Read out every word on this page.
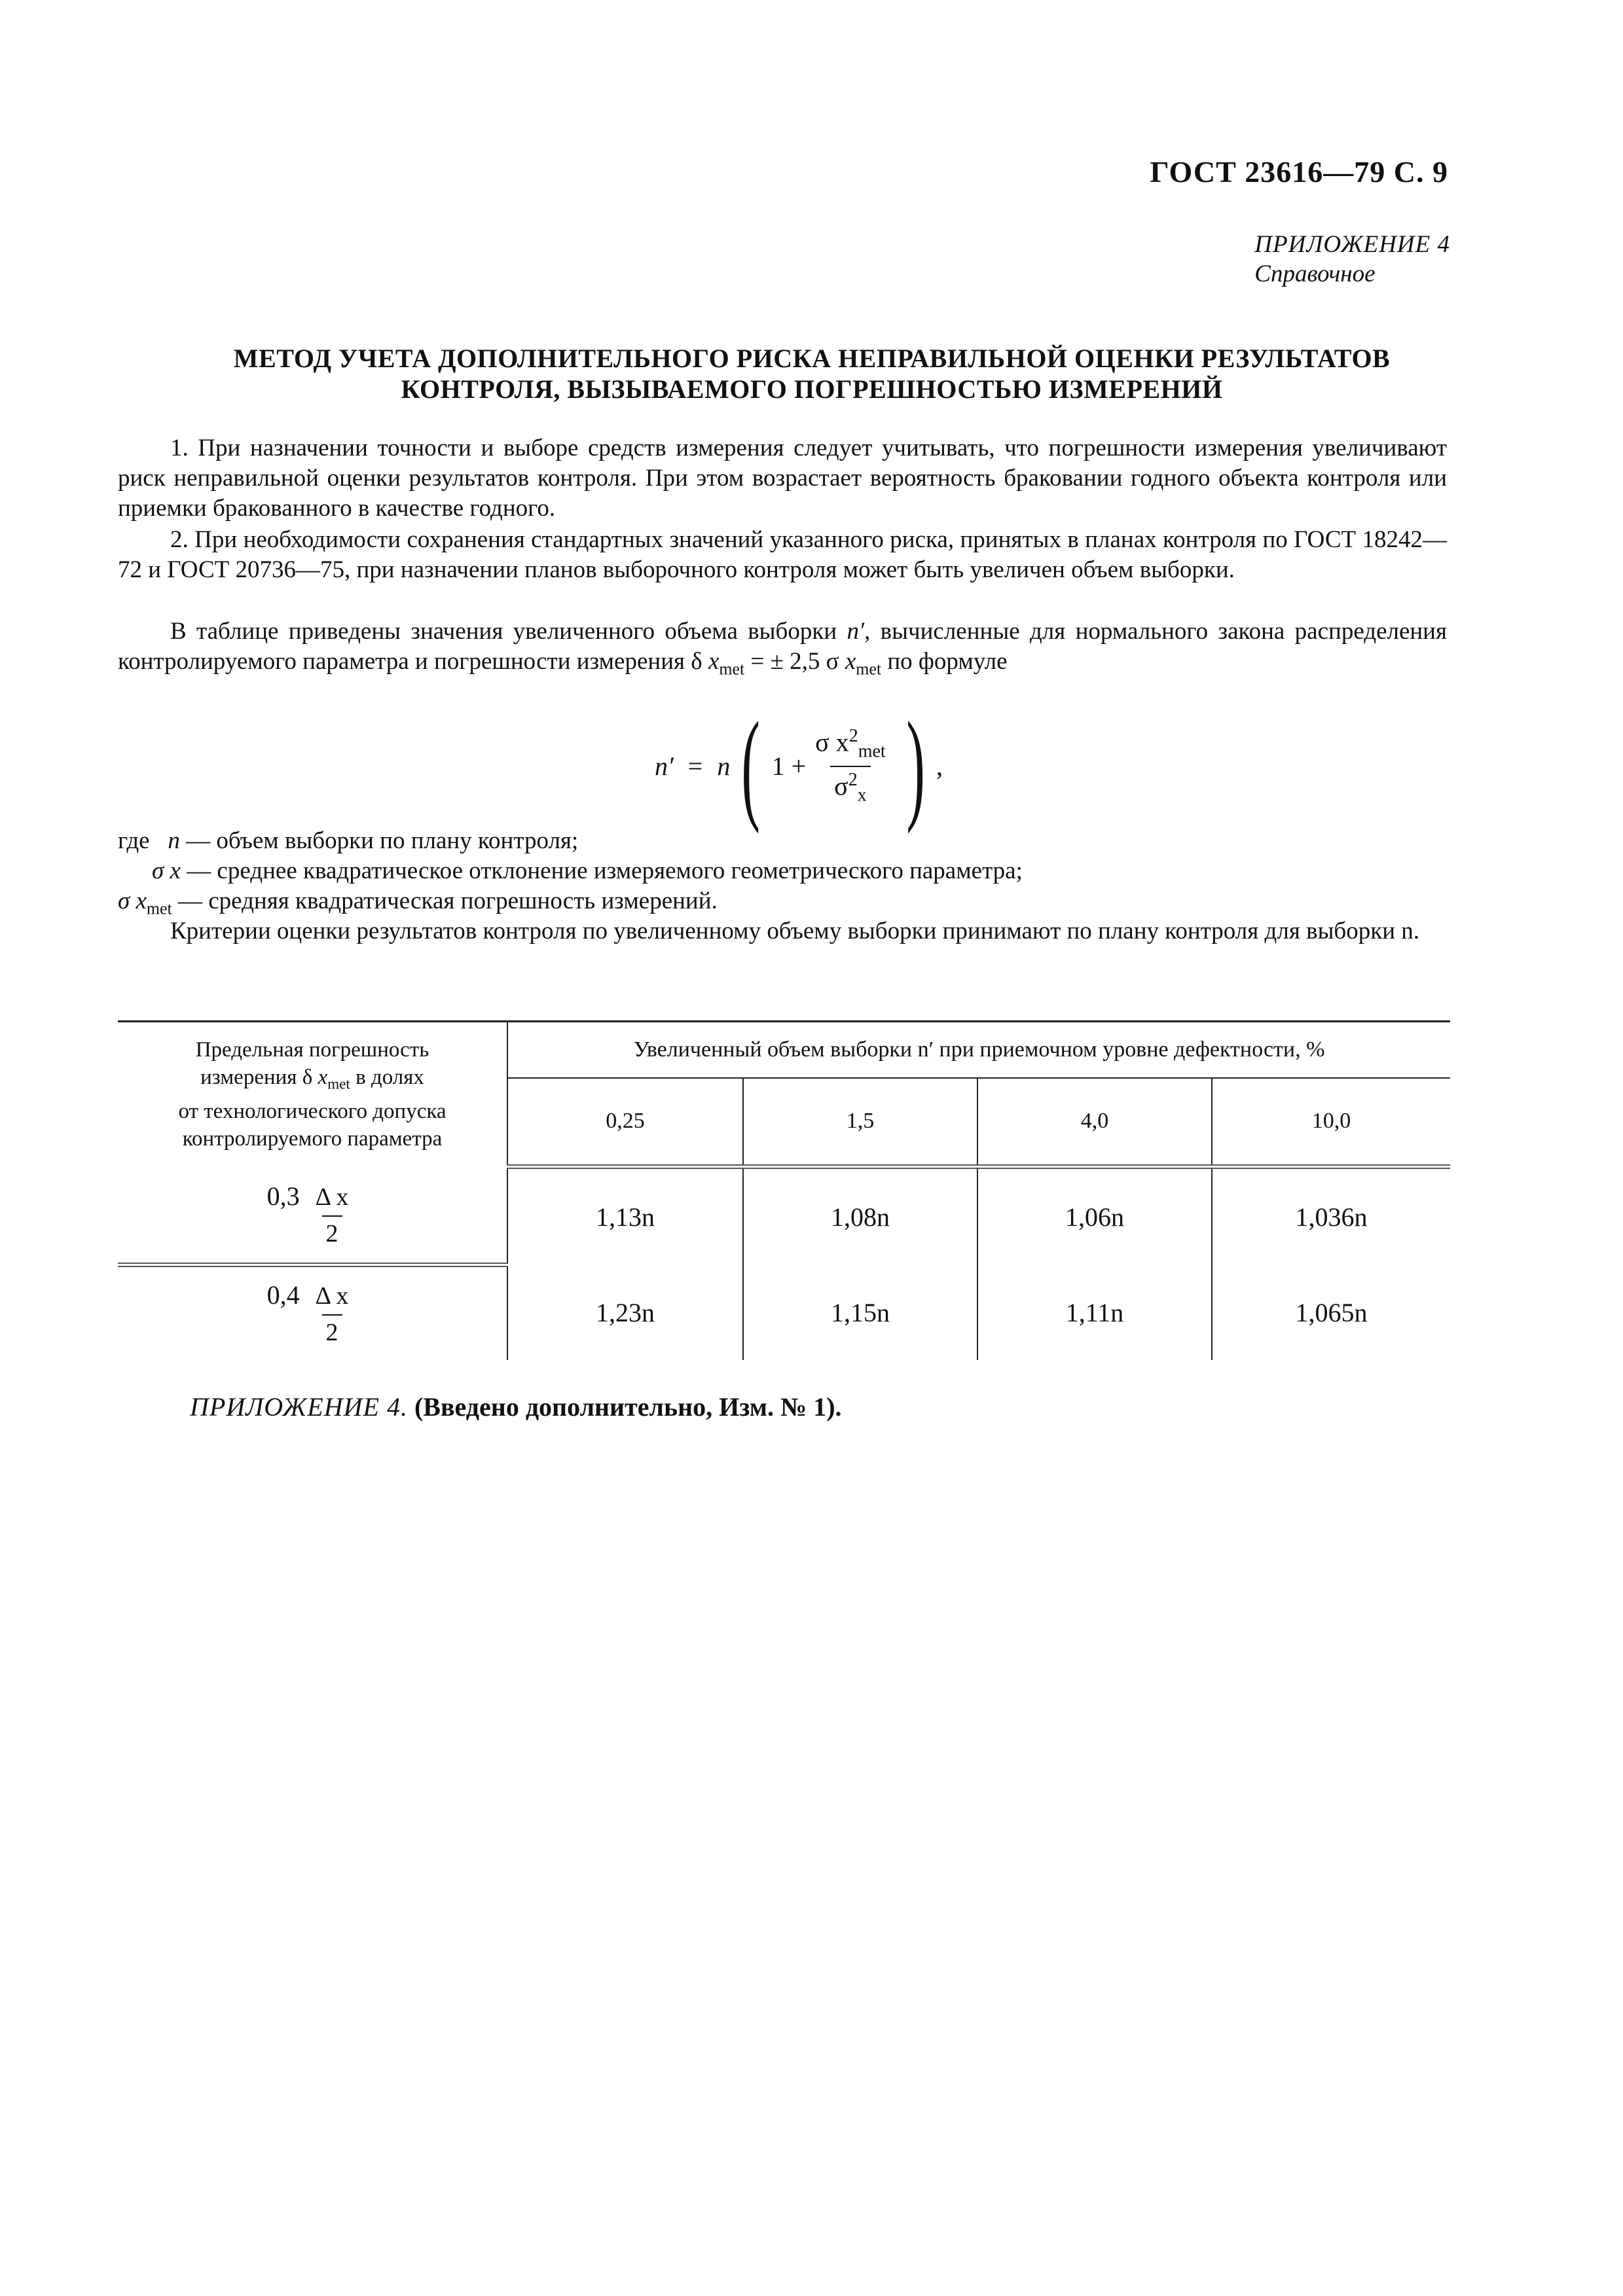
ГОСТ 23616—79 С. 9
ПРИЛОЖЕНИЕ 4
Справочное
МЕТОД УЧЕТА ДОПОЛНИТЕЛЬНОГО РИСКА НЕПРАВИЛЬНОЙ ОЦЕНКИ РЕЗУЛЬТАТОВ
КОНТРОЛЯ, ВЫЗЫВАЕМОГО ПОГРЕШНОСТЬЮ ИЗМЕРЕНИЙ
1. При назначении точности и выборе средств измерения следует учитывать, что погрешности измерения увеличивают риск неправильной оценки результатов контроля. При этом возрастает вероятность браковании годного объекта контроля или приемки бракованного в качестве годного.
2. При необходимости сохранения стандартных значений указанного риска, принятых в планах контроля по ГОСТ 18242—72 и ГОСТ 20736—75, при назначении планов выборочного контроля может быть увеличен объем выборки.
В таблице приведены значения увеличенного объема выборки n′, вычисленные для нормального закона распределения контролируемого параметра и погрешности измерения δ $x_{met}$ = ± 2,5 σ $x_{met}$ по формуле
n′ = n ( $1 + \frac{\sigma x^2_{met}}{\sigma^2_x}$ ) ,
где n — объем выборки по плану контроля;
σ x — среднее квадратическое отклонение измеряемого геометрического параметра;
σ $x_{met}$ — средняя квадратическая погрешность измерений.
Критерии оценки результатов контроля по увеличенному объему выборки принимают по плану контроля для выборки n.
Предельная погрешность
измерения δ $x_{met}$ в долях
от технологического допуска
контролируемого параметра	Увеличенный объем выборки n′ при приемочном уровне дефектности, %			
	0,25	1,5	4,0	10,0
$0,3 \frac{\text{Δ x}}{2}$	1,13n	1,08n	1,06n	1,036n
$0,4 \frac{\text{Δ x}}{2}$	1,23n	1,15n	1,11n	1,065n
ПРИЛОЖЕНИЕ 4. (Введено дополнительно, Изм. № 1).
